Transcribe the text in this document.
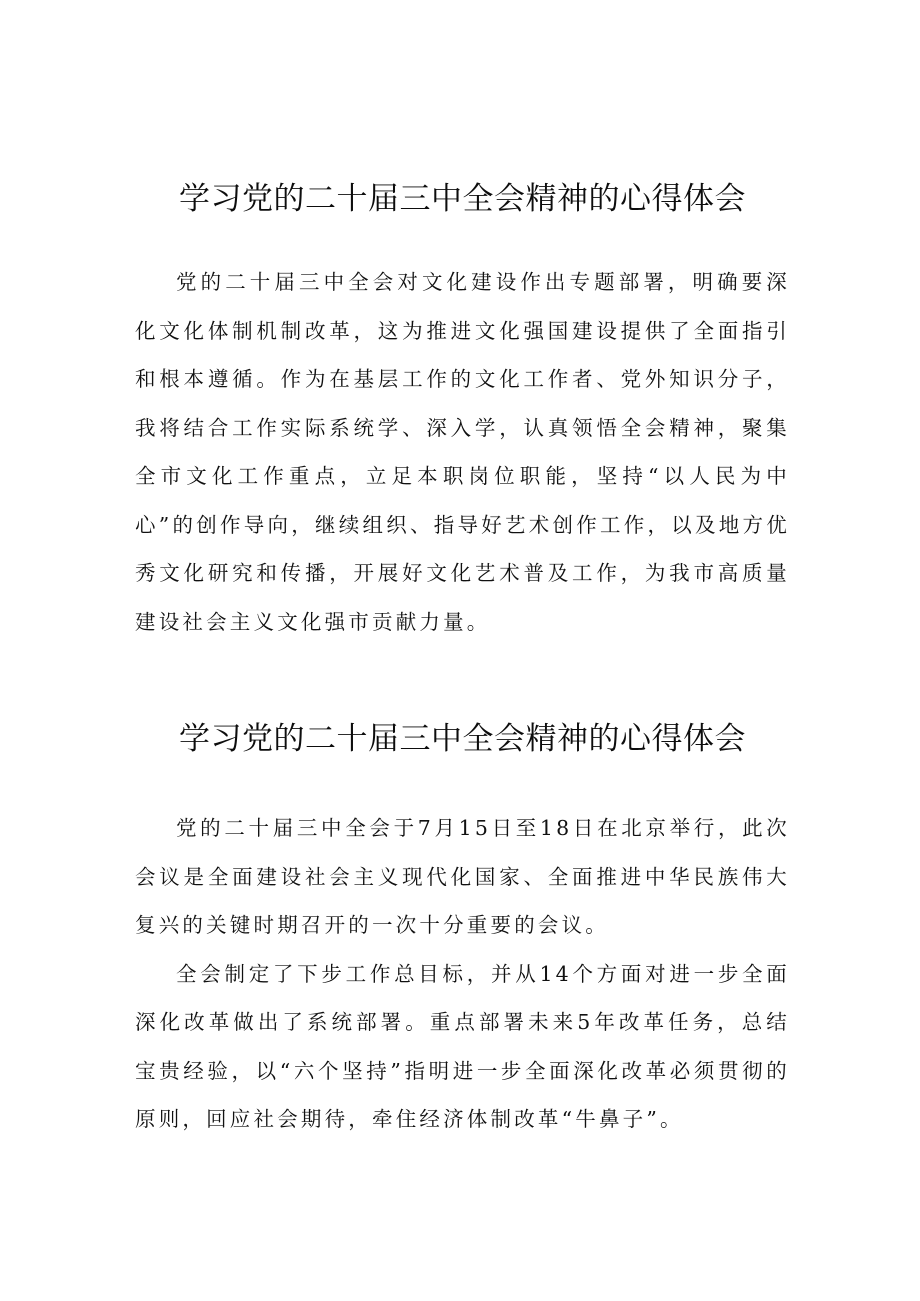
学习党的二十届三中全会精神的心得体会

党的二十届三中全会对文化建设作出专题部署，明确要深化文化体制机制改革，这为推进文化强国建设提供了全面指引和根本遵循。作为在基层工作的文化工作者、党外知识分子，我将结合工作实际系统学、深入学，认真领悟全会精神，聚集全市文化工作重点，立足本职岗位职能，坚持“以人民为中心”的创作导向，继续组织、指导好艺术创作工作，以及地方优秀文化研究和传播，开展好文化艺术普及工作，为我市高质量建设社会主义文化强市贡献力量。

学习党的二十届三中全会精神的心得体会

党的二十届三中全会于7月15日至18日在北京举行，此次会议是全面建设社会主义现代化国家、全面推进中华民族伟大复兴的关键时期召开的一次十分重要的会议。

全会制定了下步工作总目标，并从14个方面对进一步全面深化改革做出了系统部署。重点部署未来5年改革任务，总结宝贵经验，以“六个坚持”指明进一步全面深化改革必须贯彻的原则，回应社会期待，牵住经济体制改革“牛鼻子”。
